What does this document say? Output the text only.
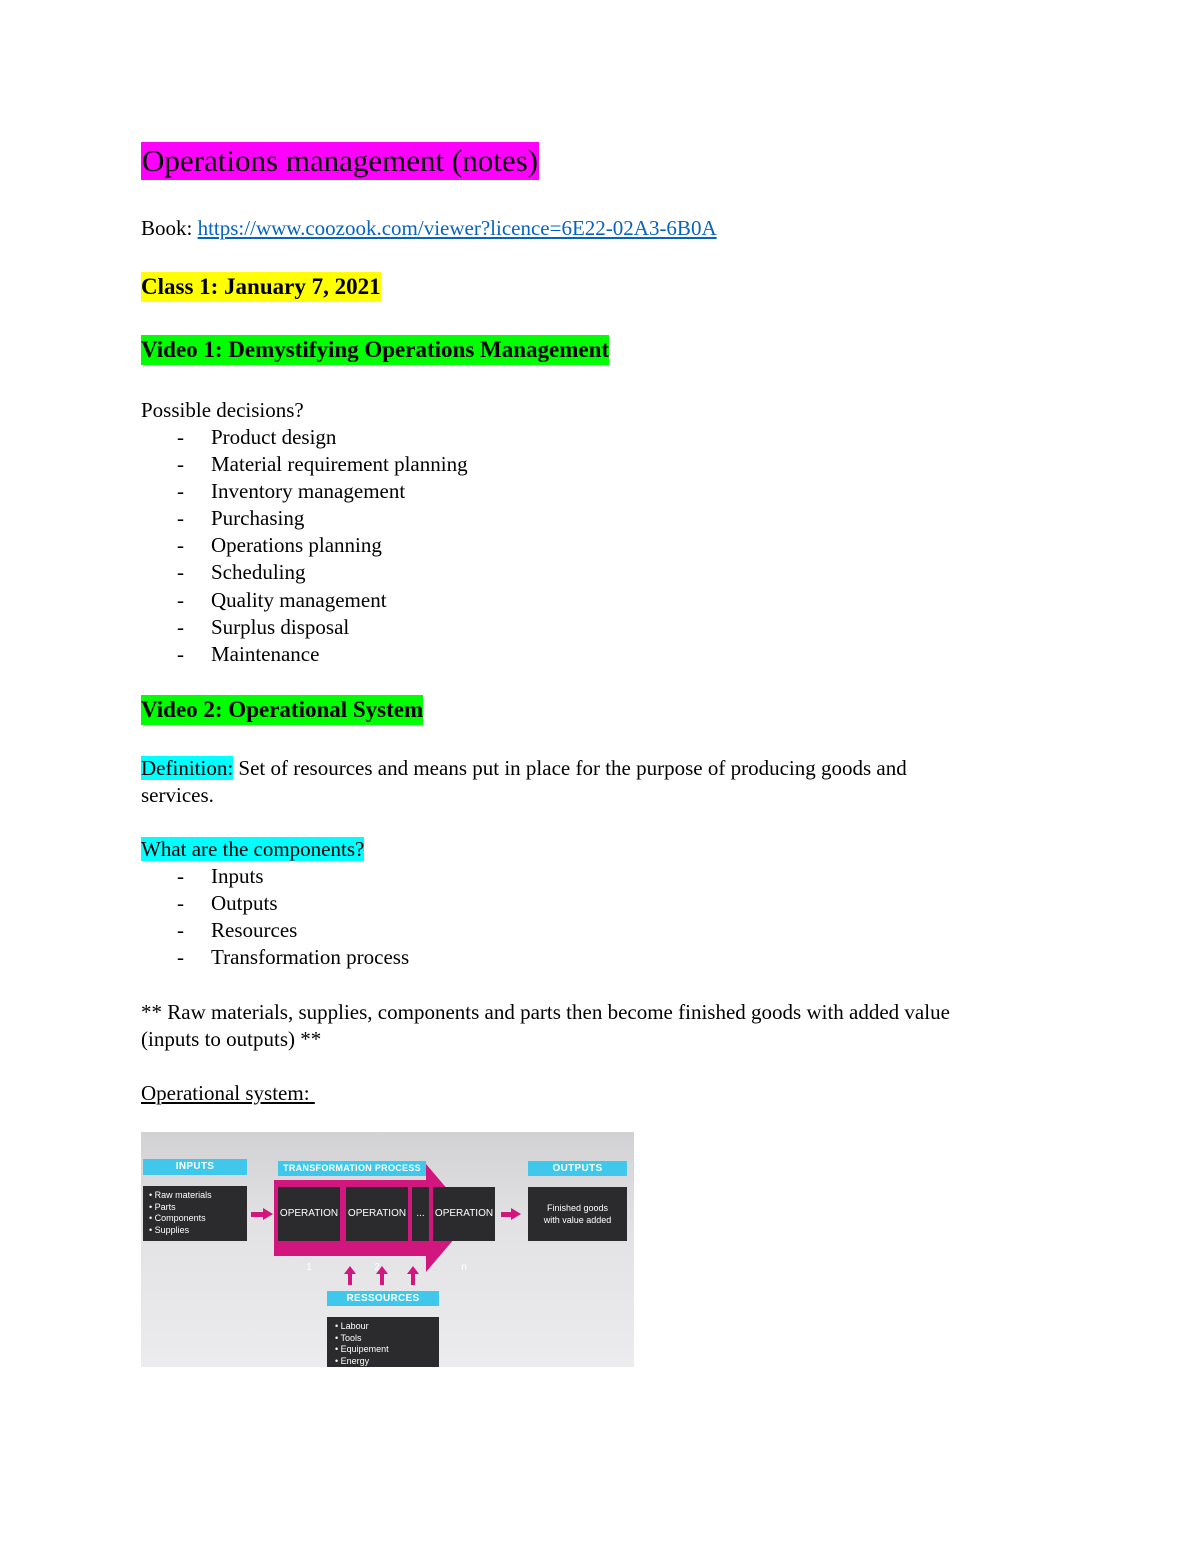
Operations management (notes)
Book: https://www.coozook.com/viewer?licence=6E22-02A3-6B0A
Class 1: January 7, 2021
Video 1: Demystifying Operations Management
Possible decisions?
- Product design
- Material requirement planning
- Inventory management
- Purchasing
- Operations planning
- Scheduling
- Quality management
- Surplus disposal
- Maintenance
Video 2: Operational System
Definition: Set of resources and means put in place for the purpose of producing goods and
services.
What are the components?
- Inputs
- Outputs
- Resources
- Transformation process
** Raw materials, supplies, components and parts then become finished goods with added value
(inputs to outputs) **
Operational system:
INPUTS
• Raw materials
• Parts
• Components
• Supplies
TRANSFORMATION PROCESS
OPERATION 1
OPERATION 2
...	OPERATION n
OUTPUTS
Finished goods
with value added
RESSOURCES
• Labour
• Tools
• Equipement
• Energy
